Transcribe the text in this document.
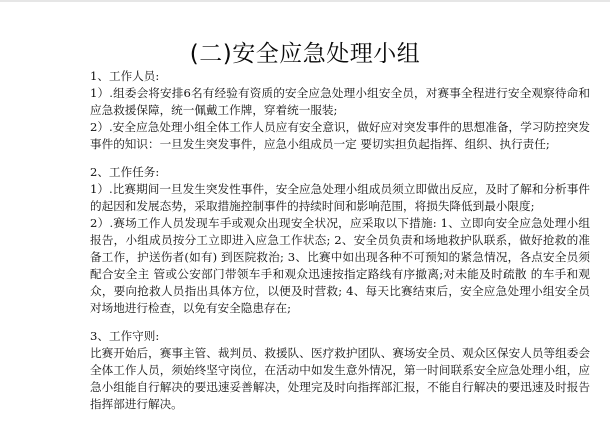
(二)安全应急处理小组
1、工作人员:
1）.组委会将安排6名有经验有资质的安全应急处理小组安全员，对赛事全程进行安全观察待命和应急救援保障，统一佩戴工作牌，穿着统一服装;
2）.安全应急处理小组全体工作人员应有安全意识，做好应对突发事件的思想准备，学习防控突发事件的知识：一旦发生突发事件，应急小组成员一定 要切实担负起指挥、组织、执行责任;
2、工作任务:
1）.比赛期间一旦发生突发性事件，安全应急处理小组成员须立即做出反应，及时了解和分析事件的起因和发展态势，采取措施控制事件的持续时间和影响范围，将损失降低到最小限度;
2）.赛场工作人员发现车手或观众出现安全状况，应采取以下措施: 1、立即向安全应急处理小组报告，小组成员按分工立即进入应急工作状态; 2、安全员负责和场地救护队联系，做好抢救的准备工作，护送伤者(如有) 到医院救治; 3、比赛中如出现各种不可预知的紧急情况，各点安全员须配合安全主 管或公安部门带领车手和观众迅速按指定路线有序撤离;对未能及时疏散 的车手和观众，要向抢救人员指出具体方位，以便及时营救; 4、每天比赛结束后，安全应急处理小组安全员对场地进行检查，以免有安全隐患存在;
3、工作守则:
比赛开始后，赛事主管、裁判员、救援队、医疗救护团队、赛场安全员、观众区保安人员等组委会全体工作人员，须始终坚守岗位，在活动中如发生意外情况，第一时间联系安全应急处理小组，应急小组能自行解决的要迅速妥善解决，处理完及时向指挥部汇报，不能自行解决的要迅速及时报告指挥部进行解决。
